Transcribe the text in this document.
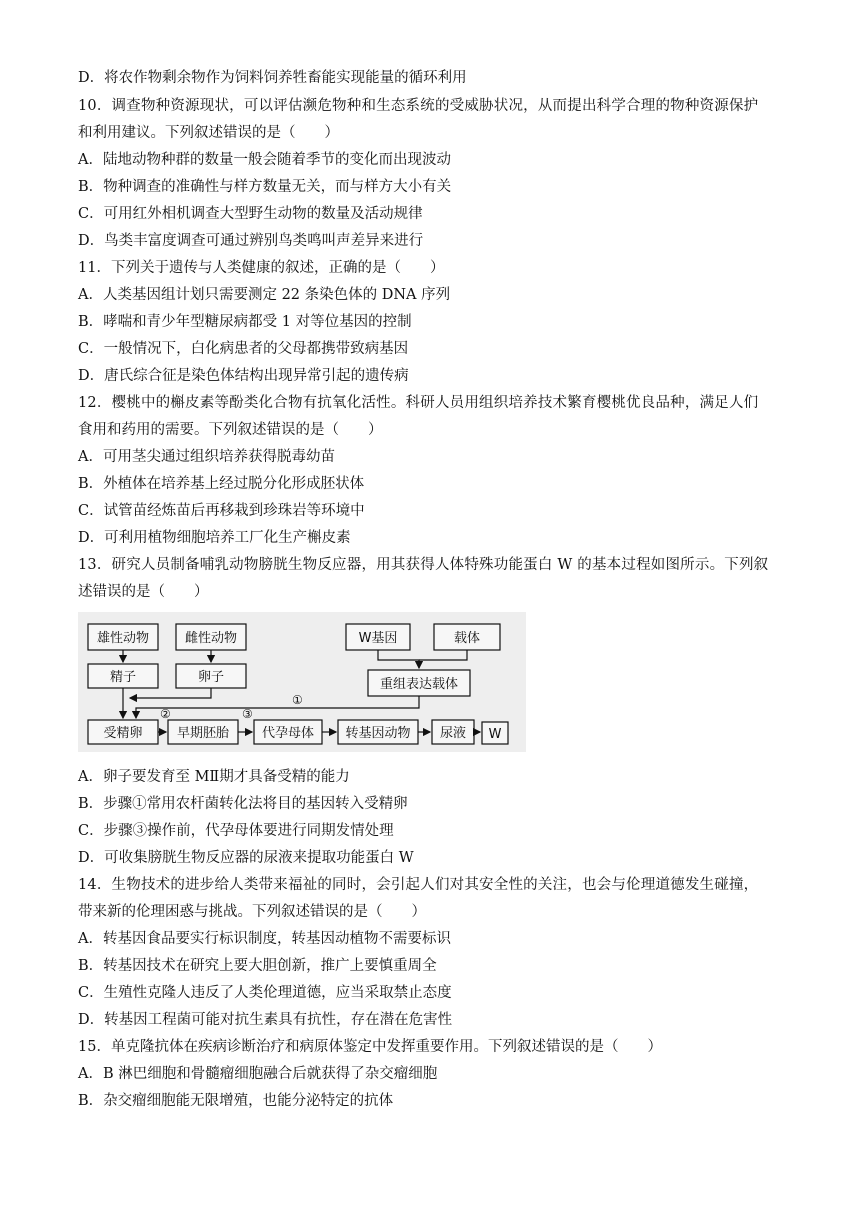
D．将农作物剩余物作为饲料饲养牲畜能实现能量的循环利用
10．调查物种资源现状，可以评估濒危物种和生态系统的受威胁状况，从而提出科学合理的物种资源保护
和利用建议。下列叙述错误的是（　　）
A．陆地动物种群的数量一般会随着季节的变化而出现波动
B．物种调查的准确性与样方数量无关，而与样方大小有关
C．可用红外相机调查大型野生动物的数量及活动规律
D．鸟类丰富度调查可通过辨别鸟类鸣叫声差异来进行
11．下列关于遗传与人类健康的叙述，正确的是（　　）
A．人类基因组计划只需要测定 22 条染色体的 DNA 序列
B．哮喘和青少年型糖尿病都受 1 对等位基因的控制
C．一般情况下，白化病患者的父母都携带致病基因
D．唐氏综合征是染色体结构出现异常引起的遗传病
12．樱桃中的槲皮素等酚类化合物有抗氧化活性。科研人员用组织培养技术繁育樱桃优良品种，满足人们
食用和药用的需要。下列叙述错误的是（　　）
A．可用茎尖通过组织培养获得脱毒幼苗
B．外植体在培养基上经过脱分化形成胚状体
C．试管苗经炼苗后再移栽到珍珠岩等环境中
D．可利用植物细胞培养工厂化生产槲皮素
13．研究人员制备哺乳动物膀胱生物反应器，用其获得人体特殊功能蛋白 W 的基本过程如图所示。下列叙
述错误的是（　　）
雄性动物	雌性动物	W基因	载体
精子	卵子	重组表达载体
受精卵	早期胚胎	代孕母体 转基因动物 尿液 W
①
②	③
A．卵子要发育至 MⅡ期才具备受精的能力
B．步骤①常用农杆菌转化法将目的基因转入受精卵
C．步骤③操作前，代孕母体要进行同期发情处理
D．可收集膀胱生物反应器的尿液来提取功能蛋白 W
14．生物技术的进步给人类带来福祉的同时，会引起人们对其安全性的关注，也会与伦理道德发生碰撞，
带来新的伦理困惑与挑战。下列叙述错误的是（　　）
A．转基因食品要实行标识制度，转基因动植物不需要标识
B．转基因技术在研究上要大胆创新，推广上要慎重周全
C．生殖性克隆人违反了人类伦理道德，应当采取禁止态度
D．转基因工程菌可能对抗生素具有抗性，存在潜在危害性
15．单克隆抗体在疾病诊断治疗和病原体鉴定中发挥重要作用。下列叙述错误的是（　　）
A．B 淋巴细胞和骨髓瘤细胞融合后就获得了杂交瘤细胞
B．杂交瘤细胞能无限增殖，也能分泌特定的抗体
